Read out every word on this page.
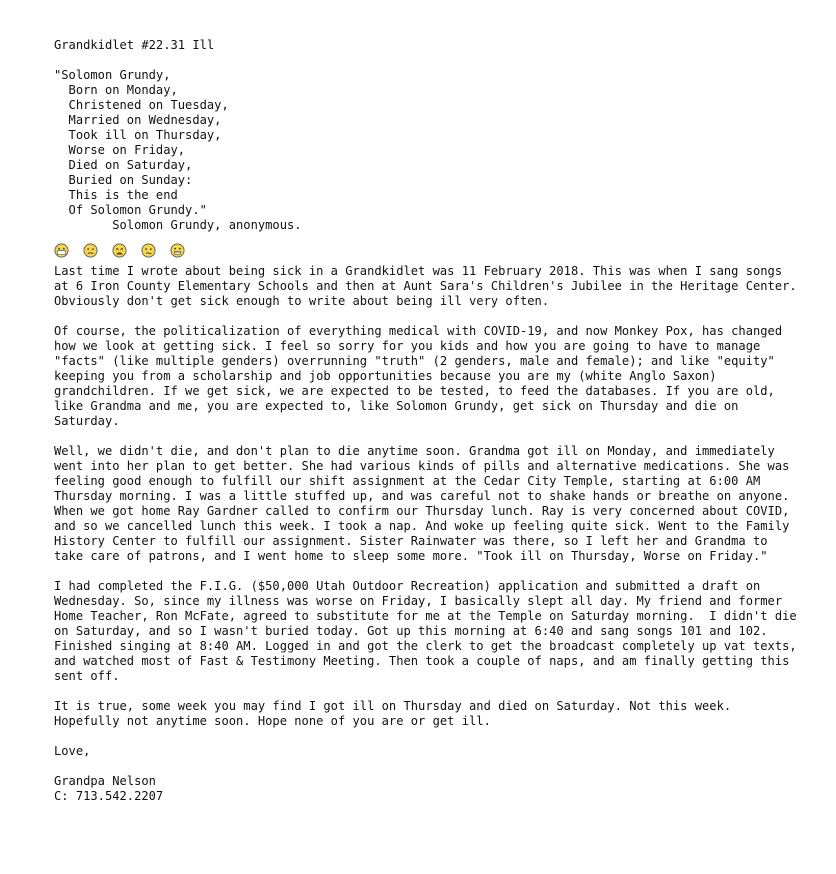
Grandkidlet #22.31 Ill
"Solomon Grundy,
Born on Monday,
Christened on Tuesday,
Married on Wednesday,
Took ill on Thursday,
Worse on Friday,
Died on Saturday,
Buried on Sunday:
This is the end
Of Solomon Grundy."
Solomon Grundy, anonymous.
Last time I wrote about being sick in a Grandkidlet was 11 February 2018. This was when I sang songs
at 6 Iron County Elementary Schools and then at Aunt Sara's Children's Jubilee in the Heritage Center.
Obviously don't get sick enough to write about being ill very often.
Of course, the politicalization of everything medical with COVID-19, and now Monkey Pox, has changed
how we look at getting sick. I feel so sorry for you kids and how you are going to have to manage
"facts" (like multiple genders) overrunning "truth" (2 genders, male and female); and like "equity"
keeping you from a scholarship and job opportunities because you are my (white Anglo Saxon)
grandchildren. If we get sick, we are expected to be tested, to feed the databases. If you are old,
like Grandma and me, you are expected to, like Solomon Grundy, get sick on Thursday and die on
Saturday.
Well, we didn't die, and don't plan to die anytime soon. Grandma got ill on Monday, and immediately
went into her plan to get better. She had various kinds of pills and alternative medications. She was
feeling good enough to fulfill our shift assignment at the Cedar City Temple, starting at 6:00 AM
Thursday morning. I was a little stuffed up, and was careful not to shake hands or breathe on anyone.
When we got home Ray Gardner called to confirm our Thursday lunch. Ray is very concerned about COVID,
and so we cancelled lunch this week. I took a nap. And woke up feeling quite sick. Went to the Family
History Center to fulfill our assignment. Sister Rainwater was there, so I left her and Grandma to
take care of patrons, and I went home to sleep some more. "Took ill on Thursday, Worse on Friday."
I had completed the F.I.G. ($50,000 Utah Outdoor Recreation) application and submitted a draft on
Wednesday. So, since my illness was worse on Friday, I basically slept all day. My friend and former
Home Teacher, Ron McFate, agreed to substitute for me at the Temple on Saturday morning.  I didn't die
on Saturday, and so I wasn't buried today. Got up this morning at 6:40 and sang songs 101 and 102.
Finished singing at 8:40 AM. Logged in and got the clerk to get the broadcast completely up vat texts,
and watched most of Fast & Testimony Meeting. Then took a couple of naps, and am finally getting this
sent off.
It is true, some week you may find I got ill on Thursday and died on Saturday. Not this week.
Hopefully not anytime soon. Hope none of you are or get ill.
Love,
Grandpa Nelson
C: 713.542.2207
